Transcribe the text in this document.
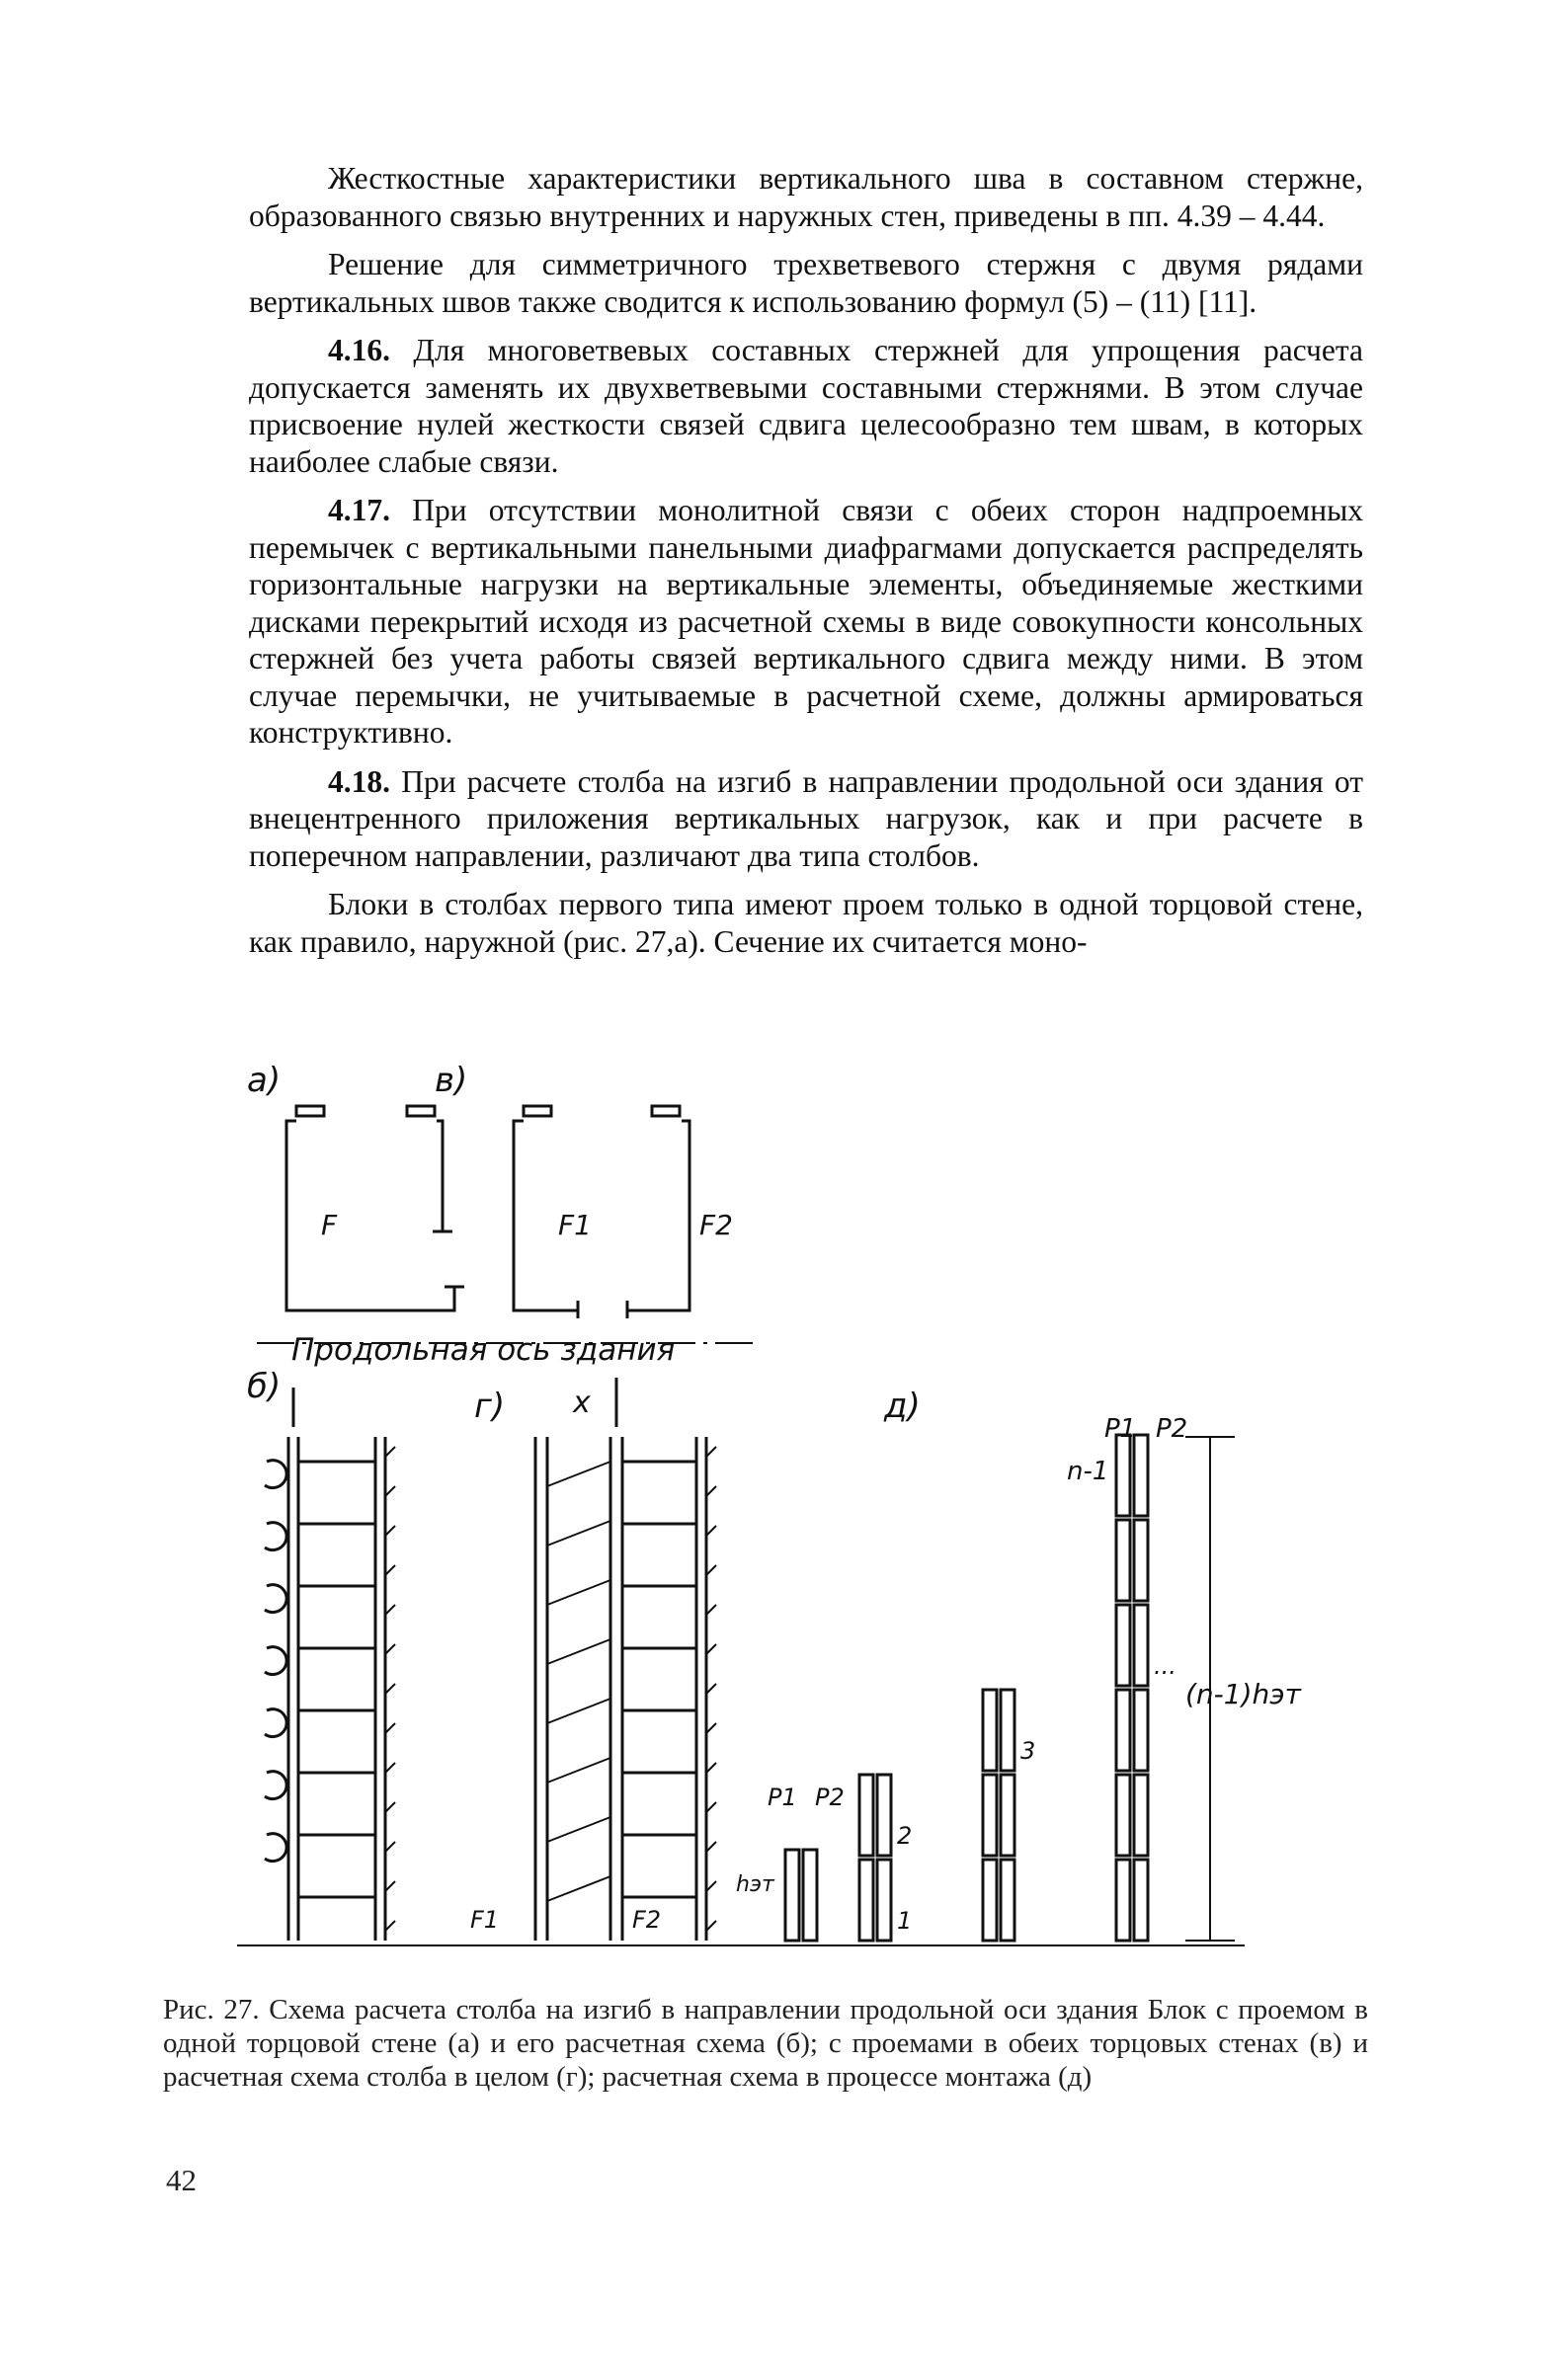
Жесткостные характеристики вертикального шва в составном стержне, образованного связью внутренних и наружных стен, приведены в пп. 4.39 – 4.44.

Решение для симметричного трехветвевого стержня с двумя рядами вертикальных швов также сводится к использованию формул (5) – (11) [11].

4.16. Для многоветвевых составных стержней для упрощения расчета допускается заменять их двухветвевыми составными стержнями. В этом случае присвоение нулей жесткости связей сдвига целесообразно тем швам, в которых наиболее слабые связи.

4.17. При отсутствии монолитной связи с обеих сторон надпроемных перемычек с вертикальными панельными диафрагмами допускается распределять горизонтальные нагрузки на вертикальные элементы, объединяемые жесткими дисками перекрытий исходя из расчетной схемы в виде совокупности консольных стержней без учета работы связей вертикального сдвига между ними. В этом случае перемычки, не учитываемые в расчетной схеме, должны армироваться конструктивно.

4.18. При расчете столба на изгиб в направлении продольной оси здания от внецентренного приложения вертикальных нагрузок, как и при расчете в поперечном направлении, различают два типа столбов.

Блоки в столбах первого типа имеют проем только в одной торцовой стене, как правило, наружной (рис. 27,а). Сечение их считается моно-

а)	в)
F	F1	F2
Продольная ось здания
б)	г) x	д)
F1	F2
P1 P2
hэт
P1 P2
n-1
(n-1)hэт
1
2
3
...

Рис. 27. Схема расчета столба на изгиб в направлении продольной оси здания Блок с проемом в одной торцовой стене (а) и его расчетная схема (б); с проемами в обеих торцовых стенах (в) и расчетная схема столба в целом (г); расчетная схема в процессе монтажа (д)

42
